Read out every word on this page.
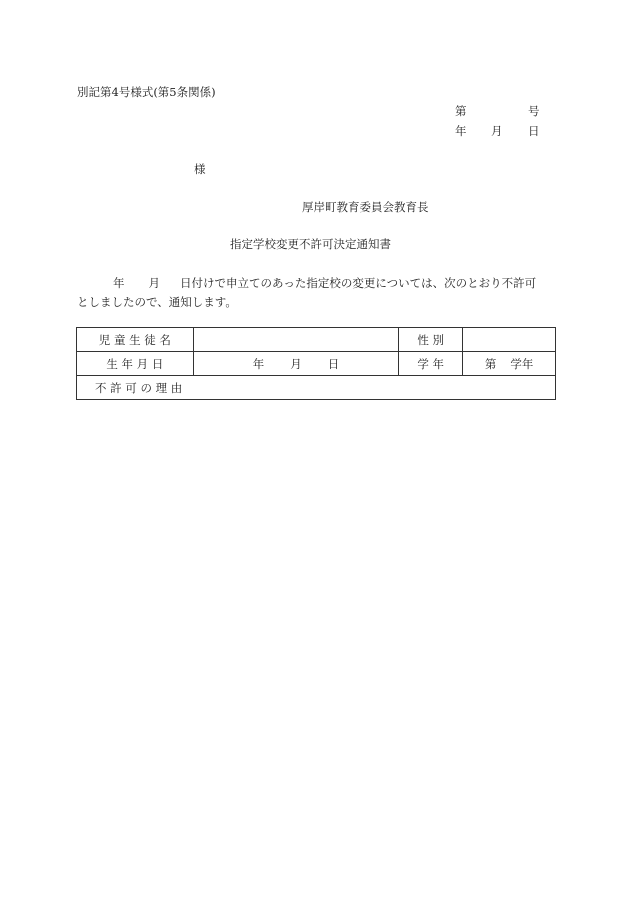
別記第4号様式(第5条関係)
第	号
年 月 日
様
厚岸町教育委員会教育長
指定学校変更不許可決定通知書
年 月 日付けで申立てのあった指定校の変更については、次のとおり不許可
としましたので、通知します。
児 童 生 徒 名		性 別	
生 年 月 日	年 月 日	学 年	第 学年
不 許 可 の 理 由			
